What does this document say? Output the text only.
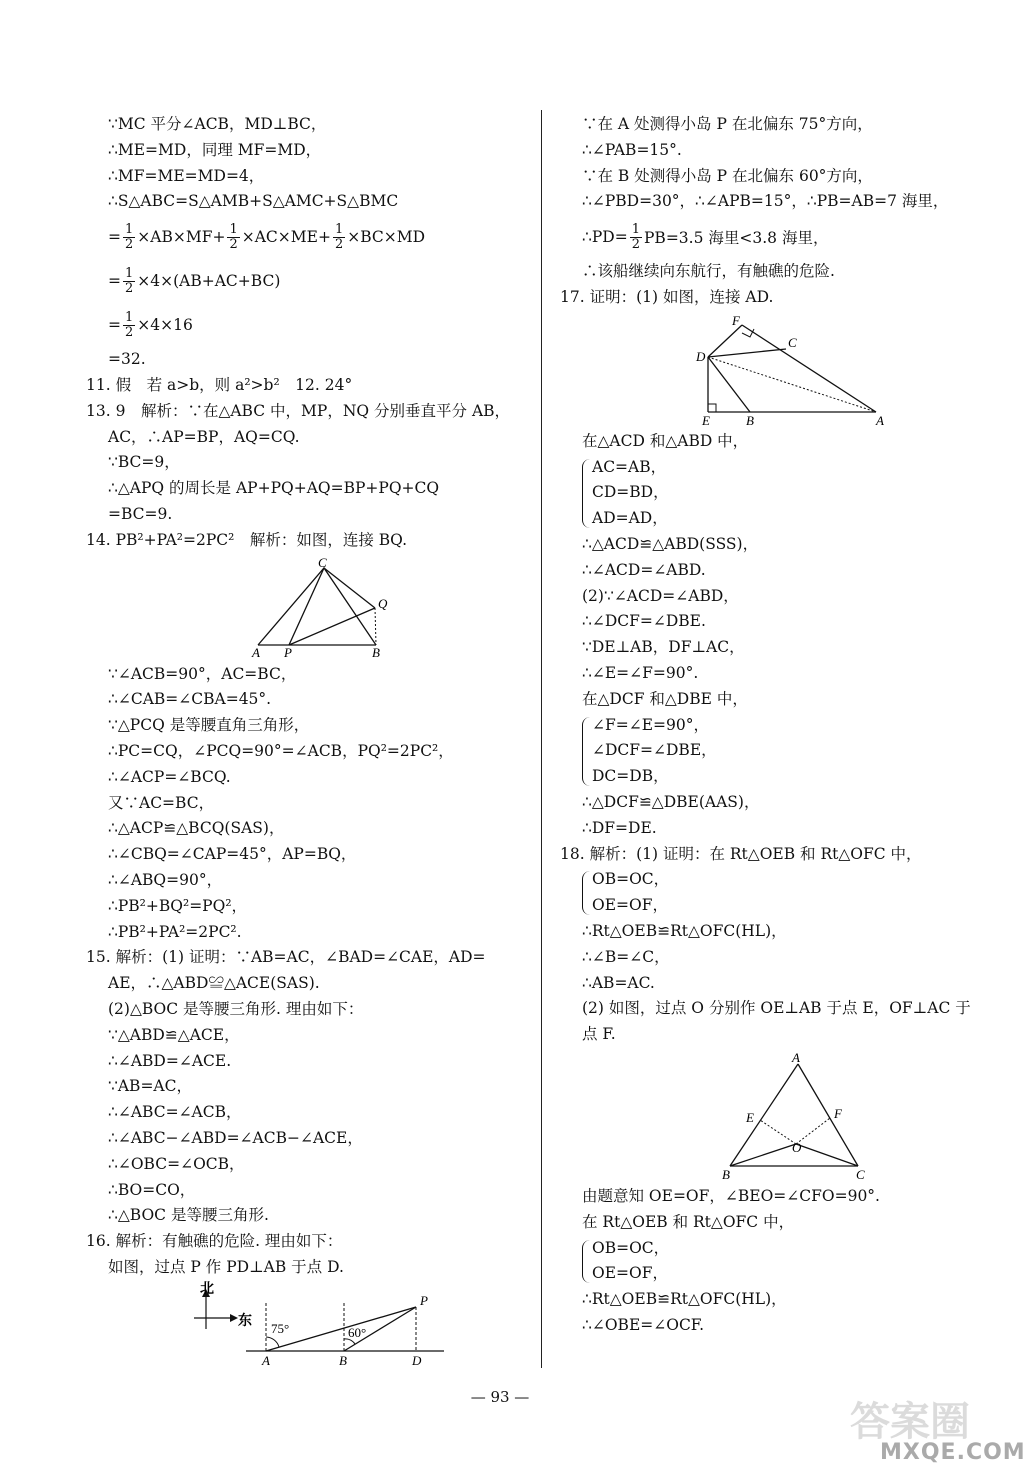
∵MC 平分∠ACB，MD⊥BC，
∴ME=MD，同理 MF=MD，
∴MF=ME=MD=4，
∴S△ABC=S△AMB+S△AMC+S△BMC
= $\frac{1}{2} \times AB\times MF+ \frac{1}{2} \times AC\times ME+ \frac{1}{2} \times BC\times MD$
= $\frac{1}{2} \times 4\times(AB+AC+BC)$
= $\frac{1}{2} \times 4\times 16$
=32.
11. 假　若 a>b，则 a²>b²　12. 24°
13. 9　解析：∵在△ABC 中，MP，NQ 分别垂直平分 AB，
AC，∴AP=BP，AQ=CQ.
∵BC=9，
∴△APQ 的周长是 AP+PQ+AQ=BP+PQ+CQ
=BC=9.
14. PB²+PA²=2PC²　解析：如图，连接 BQ.
A P	B
C
Q
∵∠ACB=90°，AC=BC，
∴∠CAB=∠CBA=45°.
∵△PCQ 是等腰直角三角形，
∴PC=CQ，∠PCQ=90°=∠ACB，PQ²=2PC²，
∴∠ACP=∠BCQ.
又∵AC=BC，
∴△ACP≌△BCQ(SAS)，
∴∠CBQ=∠CAP=45°，AP=BQ，
∴∠ABQ=90°，
∴PB²+BQ²=PQ²，
∴PB²+PA²=2PC².
15. 解析：(1) 证明：∵AB=AC，∠BAD=∠CAE，AD=
AE，∴△ABD≌△ACE(SAS).
(2)△BOC 是等腰三角形. 理由如下：
∵△ABD≌△ACE，
∴∠ABD=∠ACE.
∵AB=AC，
∴∠ABC=∠ACB，
∴∠ABC−∠ABD=∠ACB−∠ACE，
∴∠OBC=∠OCB，
∴BO=CO，
∴△BOC 是等腰三角形.
16. 解析：有触礁的危险. 理由如下：
如图，过点 P 作 PD⊥AB 于点 D.
北
东 75°	60°
A	B	D
P
∵在 A 处测得小岛 P 在北偏东 75°方向，
∴∠PAB=15°.
∵在 B 处测得小岛 P 在北偏东 60°方向，
∴∠PBD=30°，∴∠APB=15°，∴PB=AB=7 海里，
∴PD= $\frac{1}{2} PB=3.5$ 海里<3.8 海里，
∴该船继续向东航行，有触礁的危险.
17. 证明：(1) 如图，连接 AD.
F
C
D
E	B	A
在△ACD 和△ABD 中，
AC=AB，
CD=BD，
AD=AD，
∴△ACD≌△ABD(SSS)，
∴∠ACD=∠ABD.
(2)∵∠ACD=∠ABD，
∴∠DCF=∠DBE.
∵DE⊥AB，DF⊥AC，
∴∠E=∠F=90°.
在△DCF 和△DBE 中，
∠F=∠E=90°，
∠DCF=∠DBE，
DC=DB，
∴△DCF≌△DBE(AAS)，
∴DF=DE.
18. 解析：(1) 证明：在 Rt△OEB 和 Rt△OFC 中，
OB=OC，
OE=OF，
∴Rt△OEB≌Rt△OFC(HL)，
∴∠B=∠C，
∴AB=AC.
(2) 如图，过点 O 分别作 OE⊥AB 于点 E，OF⊥AC 于
点 F.
A
E	F
O
B	C
由题意知 OE=OF，∠BEO=∠CFO=90°.
在 Rt△OEB 和 Rt△OFC 中，
OB=OC，
OE=OF，
∴Rt△OEB≌Rt△OFC(HL)，
∴∠OBE=∠OCF.
— 93 —
答案圈
MXQE.COM
